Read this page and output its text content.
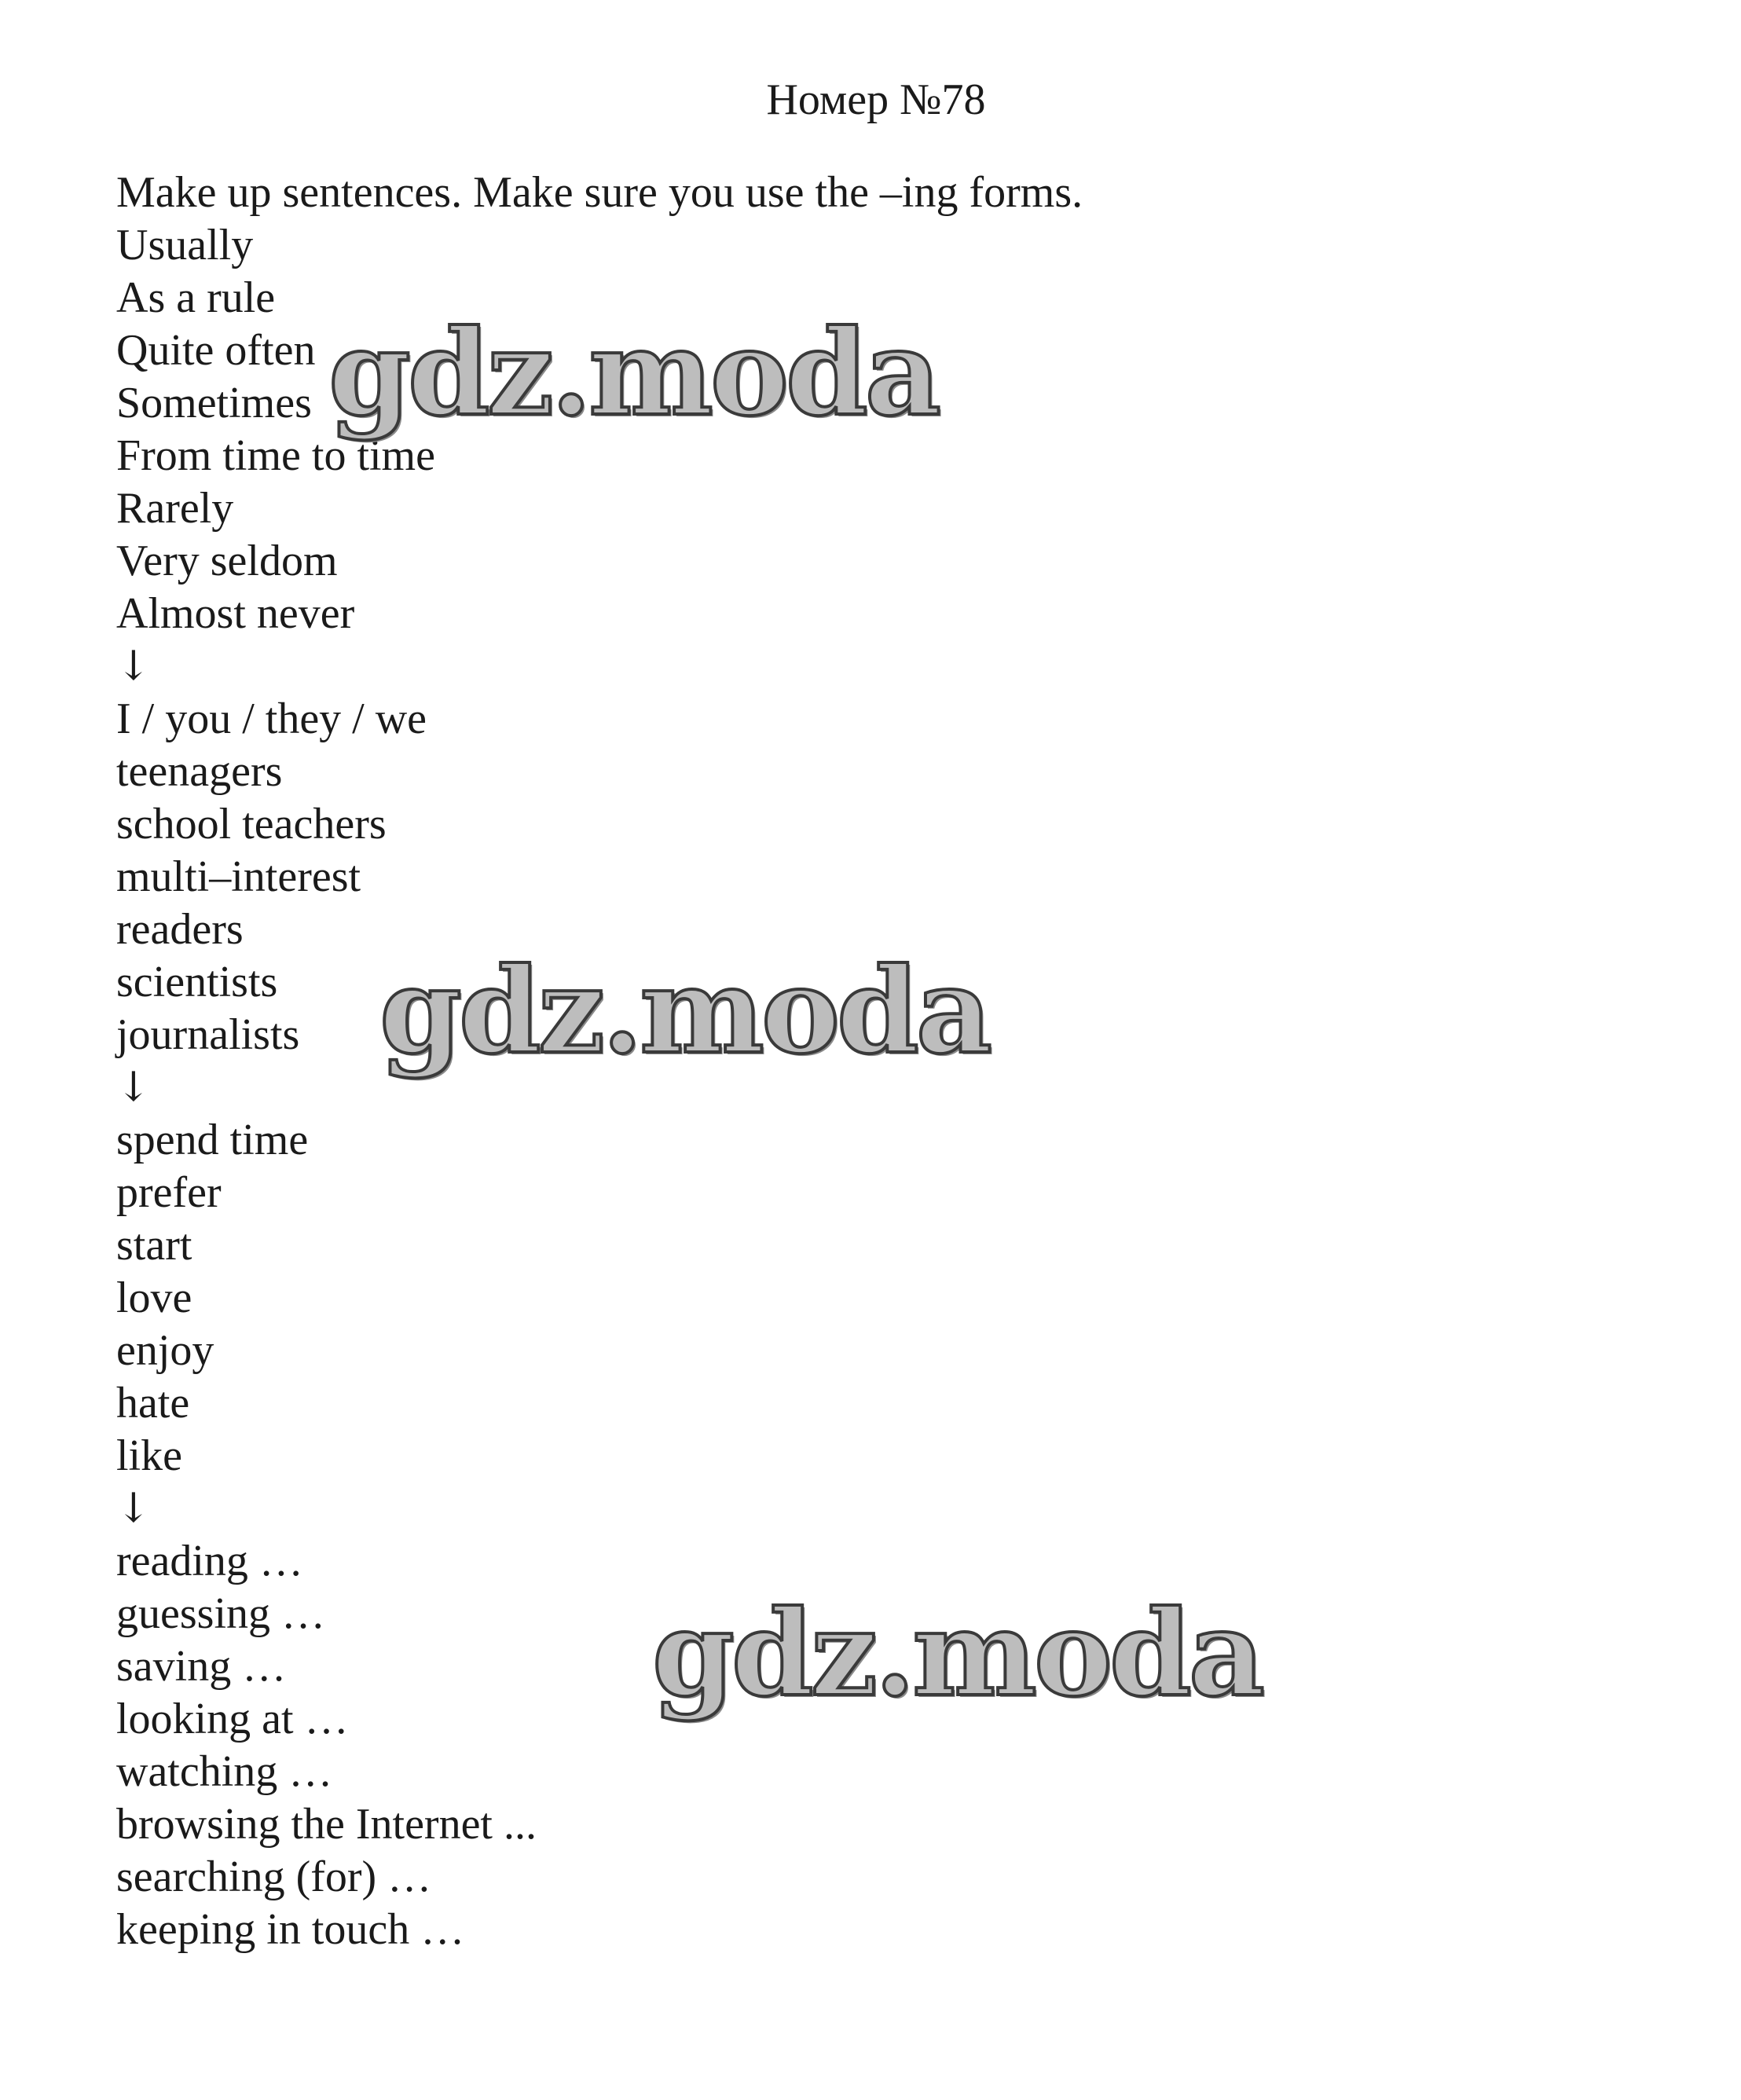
Номер №78
Make up sentences. Make sure you use the –ing forms.
Usually
As a rule
Quite often
Sometimes
From time to time
Rarely
Very seldom
Almost never
↓
I / you / they / we
teenagers
school teachers
multi–interest
readers
scientists
journalists
↓
spend time
prefer
start
love
enjoy
hate
like
↓
reading …
guessing …
saving …
looking at …
watching …
browsing the Internet ...
searching (for) …
keeping in touch …
gdz.moda
gdz.moda
gdz.moda
